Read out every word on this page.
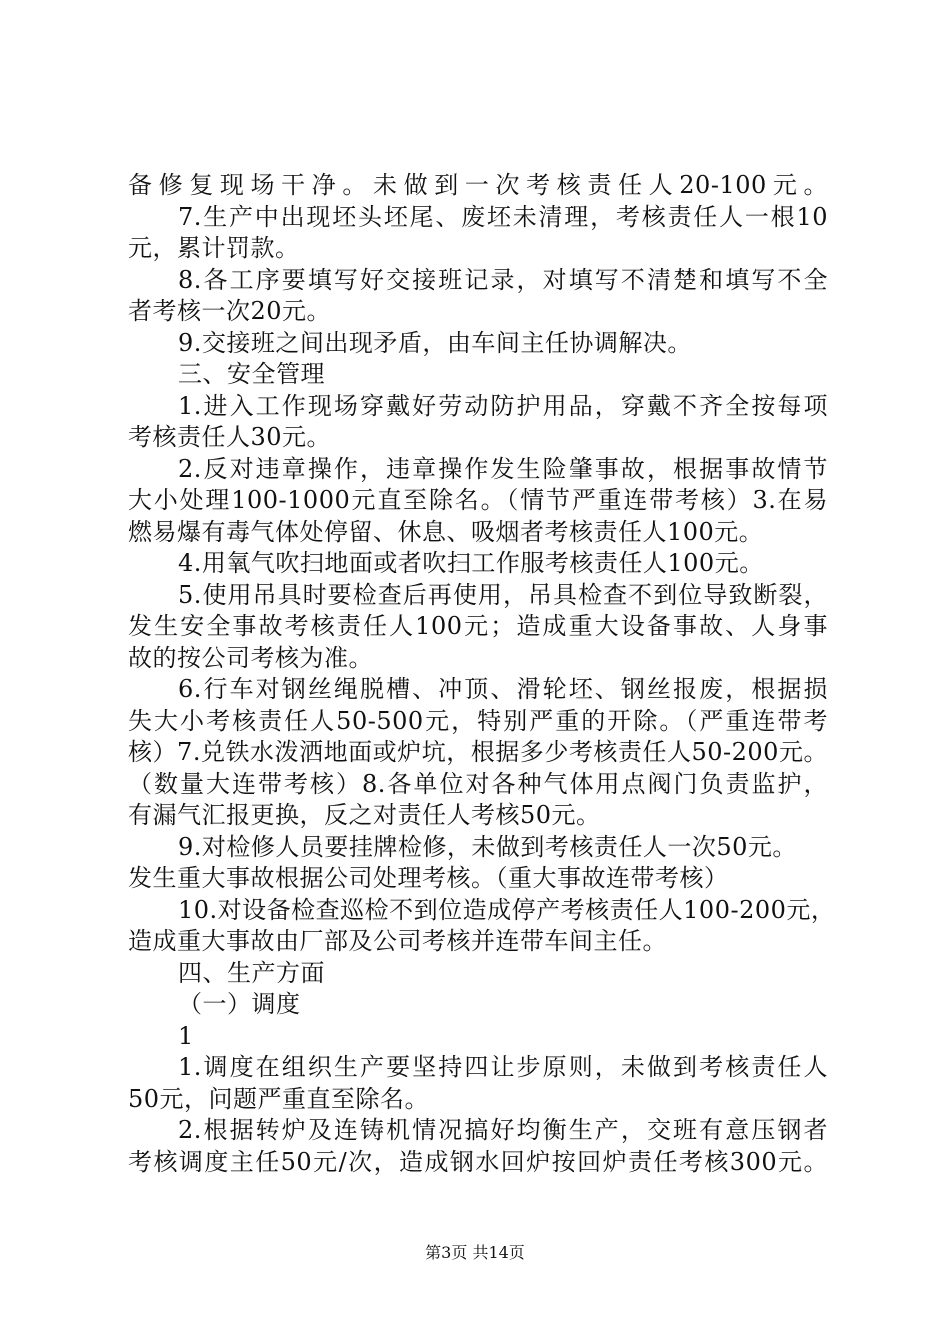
备修复现场干净。未做到一次考核责任人20-100元。
7.生产中出现坯头坯尾、废坯未清理，考核责任人一根10
元，累计罚款。
8.各工序要填写好交接班记录，对填写不清楚和填写不全
者考核一次20元。
9.交接班之间出现矛盾，由车间主任协调解决。
三、安全管理
1.进入工作现场穿戴好劳动防护用品，穿戴不齐全按每项
考核责任人30元。
2.反对违章操作，违章操作发生险肇事故，根据事故情节
大小处理100-1000元直至除名。（情节严重连带考核）3.在易
燃易爆有毒气体处停留、休息、吸烟者考核责任人100元。
4.用氧气吹扫地面或者吹扫工作服考核责任人100元。
5.使用吊具时要检查后再使用，吊具检查不到位导致断裂，
发生安全事故考核责任人100元；造成重大设备事故、人身事
故的按公司考核为准。
6.行车对钢丝绳脱槽、冲顶、滑轮坯、钢丝报废，根据损
失大小考核责任人50-500元，特别严重的开除。（严重连带考
核）7.兑铁水泼洒地面或炉坑，根据多少考核责任人50-200元。
（数量大连带考核）8.各单位对各种气体用点阀门负责监护，
有漏气汇报更换，反之对责任人考核50元。
9.对检修人员要挂牌检修，未做到考核责任人一次50元。
发生重大事故根据公司处理考核。（重大事故连带考核）
10.对设备检查巡检不到位造成停产考核责任人100-200元，
造成重大事故由厂部及公司考核并连带车间主任。
四、生产方面
（一）调度
1
1.调度在组织生产要坚持四让步原则，未做到考核责任人
50元，问题严重直至除名。
2.根据转炉及连铸机情况搞好均衡生产，交班有意压钢者
考核调度主任50元/次，造成钢水回炉按回炉责任考核300元。
第3页 共14页
